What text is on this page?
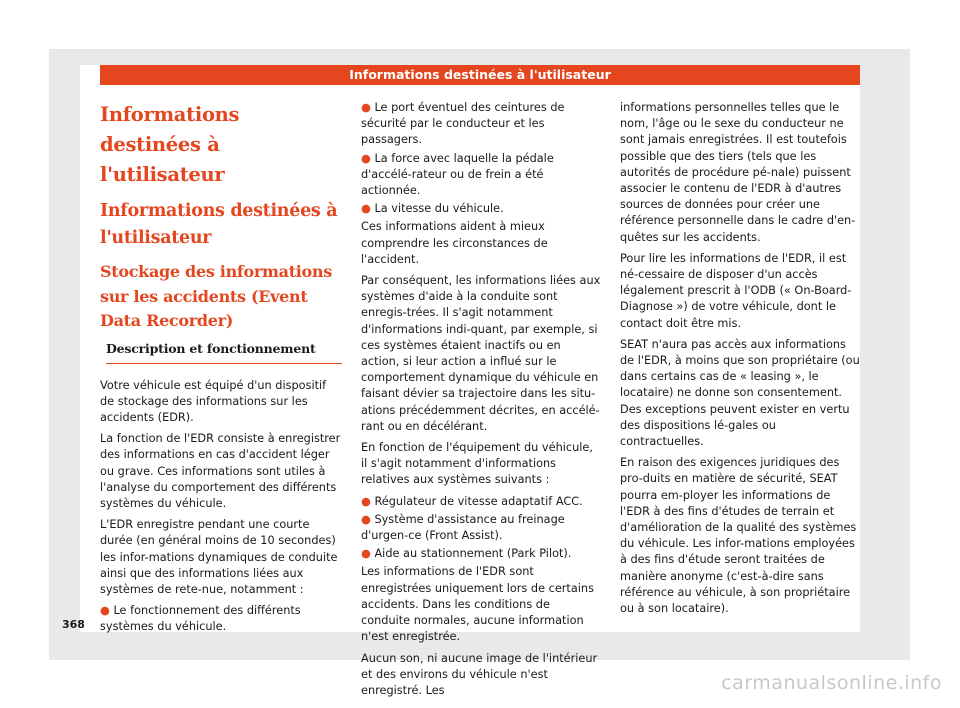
Informations destinées à l'utilisateur
Informations destinées à l'utilisateur
Informations destinées à l'utilisateur
Stockage des informations sur les accidents (Event Data Recorder)
Description et fonctionnement

Votre véhicule est équipé d'un dispositif de stockage des informations sur les accidents (EDR).

La fonction de l'EDR consiste à enregistrer des informations en cas d'accident léger ou grave. Ces informations sont utiles à l'analyse du comportement des différents systèmes du véhicule.

L'EDR enregistre pendant une courte durée (en général moins de 10 secondes) les infor-mations dynamiques de conduite ainsi que des informations liées aux systèmes de rete-nue, notamment :

● Le fonctionnement des différents systèmes du véhicule.

● Le port éventuel des ceintures de sécurité par le conducteur et les passagers.

● La force avec laquelle la pédale d'accélé-rateur ou de frein a été actionnée.

● La vitesse du véhicule.

Ces informations aident à mieux comprendre les circonstances de l'accident.

Par conséquent, les informations liées aux systèmes d'aide à la conduite sont enregis-trées. Il s'agit notamment d'informations indi-quant, par exemple, si ces systèmes étaient inactifs ou en action, si leur action a influé sur le comportement dynamique du véhicule en faisant dévier sa trajectoire dans les situ-ations précédemment décrites, en accélé-rant ou en décélérant.

En fonction de l'équipement du véhicule, il s'agit notamment d'informations relatives aux systèmes suivants :

● Régulateur de vitesse adaptatif ACC.

● Système d'assistance au freinage d'urgen-ce (Front Assist).

● Aide au stationnement (Park Pilot).

Les informations de l'EDR sont enregistrées uniquement lors de certains accidents. Dans les conditions de conduite normales, aucune information n'est enregistrée.

Aucun son, ni aucune image de l'intérieur et des environs du véhicule n'est enregistré. Les

informations personnelles telles que le nom, l'âge ou le sexe du conducteur ne sont jamais enregistrées. Il est toutefois possible que des tiers (tels que les autorités de procédure pé-nale) puissent associer le contenu de l'EDR à d'autres sources de données pour créer une référence personnelle dans le cadre d'en-quêtes sur les accidents.

Pour lire les informations de l'EDR, il est né-cessaire de disposer d'un accès légalement prescrit à l'ODB (« On-Board-Diagnose ») de votre véhicule, dont le contact doit être mis.

SEAT n'aura pas accès aux informations de l'EDR, à moins que son propriétaire (ou dans certains cas de « leasing », le locataire) ne donne son consentement. Des exceptions peuvent exister en vertu des dispositions lé-gales ou contractuelles.

En raison des exigences juridiques des pro-duits en matière de sécurité, SEAT pourra em-ployer les informations de l'EDR à des fins d'études de terrain et d'amélioration de la qualité des systèmes du véhicule. Les infor-mations employées à des fins d'étude seront traitées de manière anonyme (c'est-à-dire sans référence au véhicule, à son propriétaire ou à son locataire).

368
carmanualsonline.info
